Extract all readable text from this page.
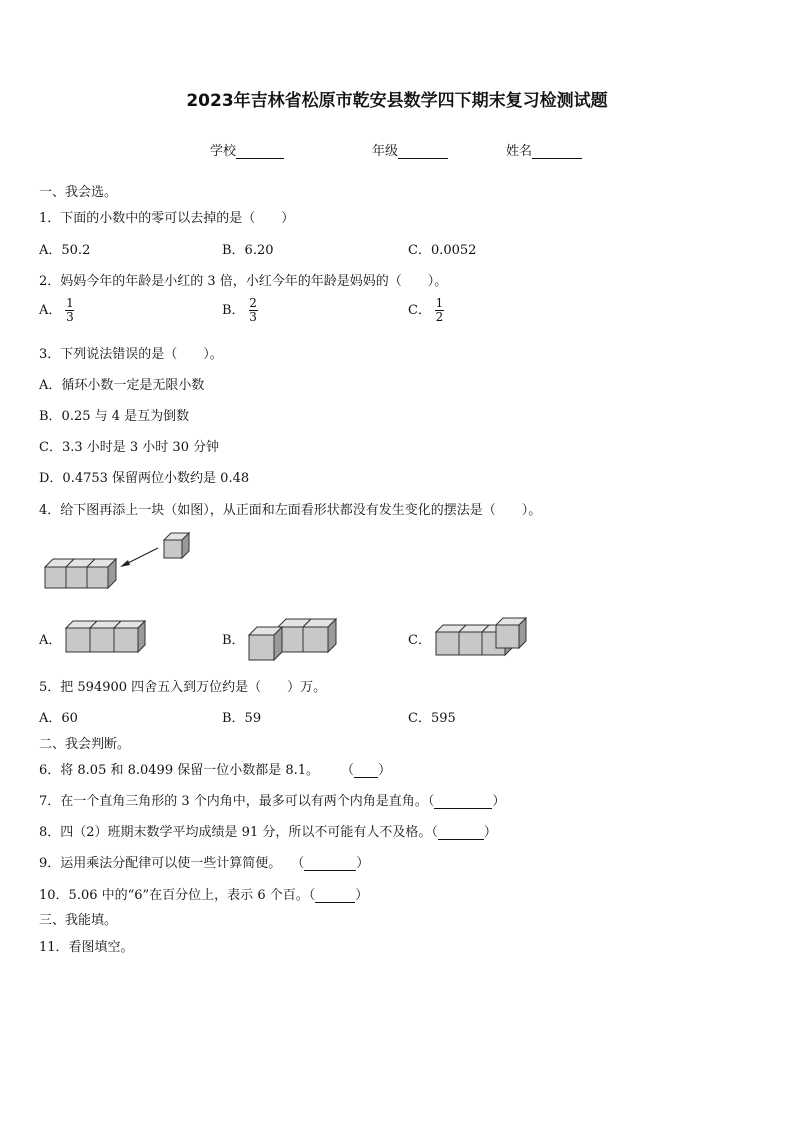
2023年吉林省松原市乾安县数学四下期末复习检测试题
学校	年级	姓名
一、我会选。
1．下面的小数中的零可以去掉的是（　　）
A．50.2	B．6.20	C．0.0052
2．妈妈今年的年龄是小红的 3 倍，小红今年的年龄是妈妈的（　　）。
A． $\frac{1}{3}$	B． $\frac{2}{3}$	C． $\frac{1}{2}$
3．下列说法错误的是（　　）。
A．循环小数一定是无限小数
B．0.25 与 4 是互为倒数
C．3.3 小时是 3 小时 30 分钟
D．0.4753 保留两位小数约是 0.48
4．给下图再添上一块（如图），从正面和左面看形状都没有发生变化的摆法是（　　）。
A．	B．	C．
5．把 594900 四舍五入到万位约是（　　）万。
A．60	B．59	C．595
二、我会判断。
6．将 8.05 和 8.0499 保留一位小数都是 8.1。 （ ）
7．在一个直角三角形的 3 个内角中，最多可以有两个内角是直角。（	）
8．四（2）班期末数学平均成绩是 91 分，所以不可能有人不及格。（	）
9．运用乘法分配律可以使一些计算简便。 （	）
10．5.06 中的“6”在百分位上，表示 6 个百。（	）
三、我能填。
11．看图填空。
